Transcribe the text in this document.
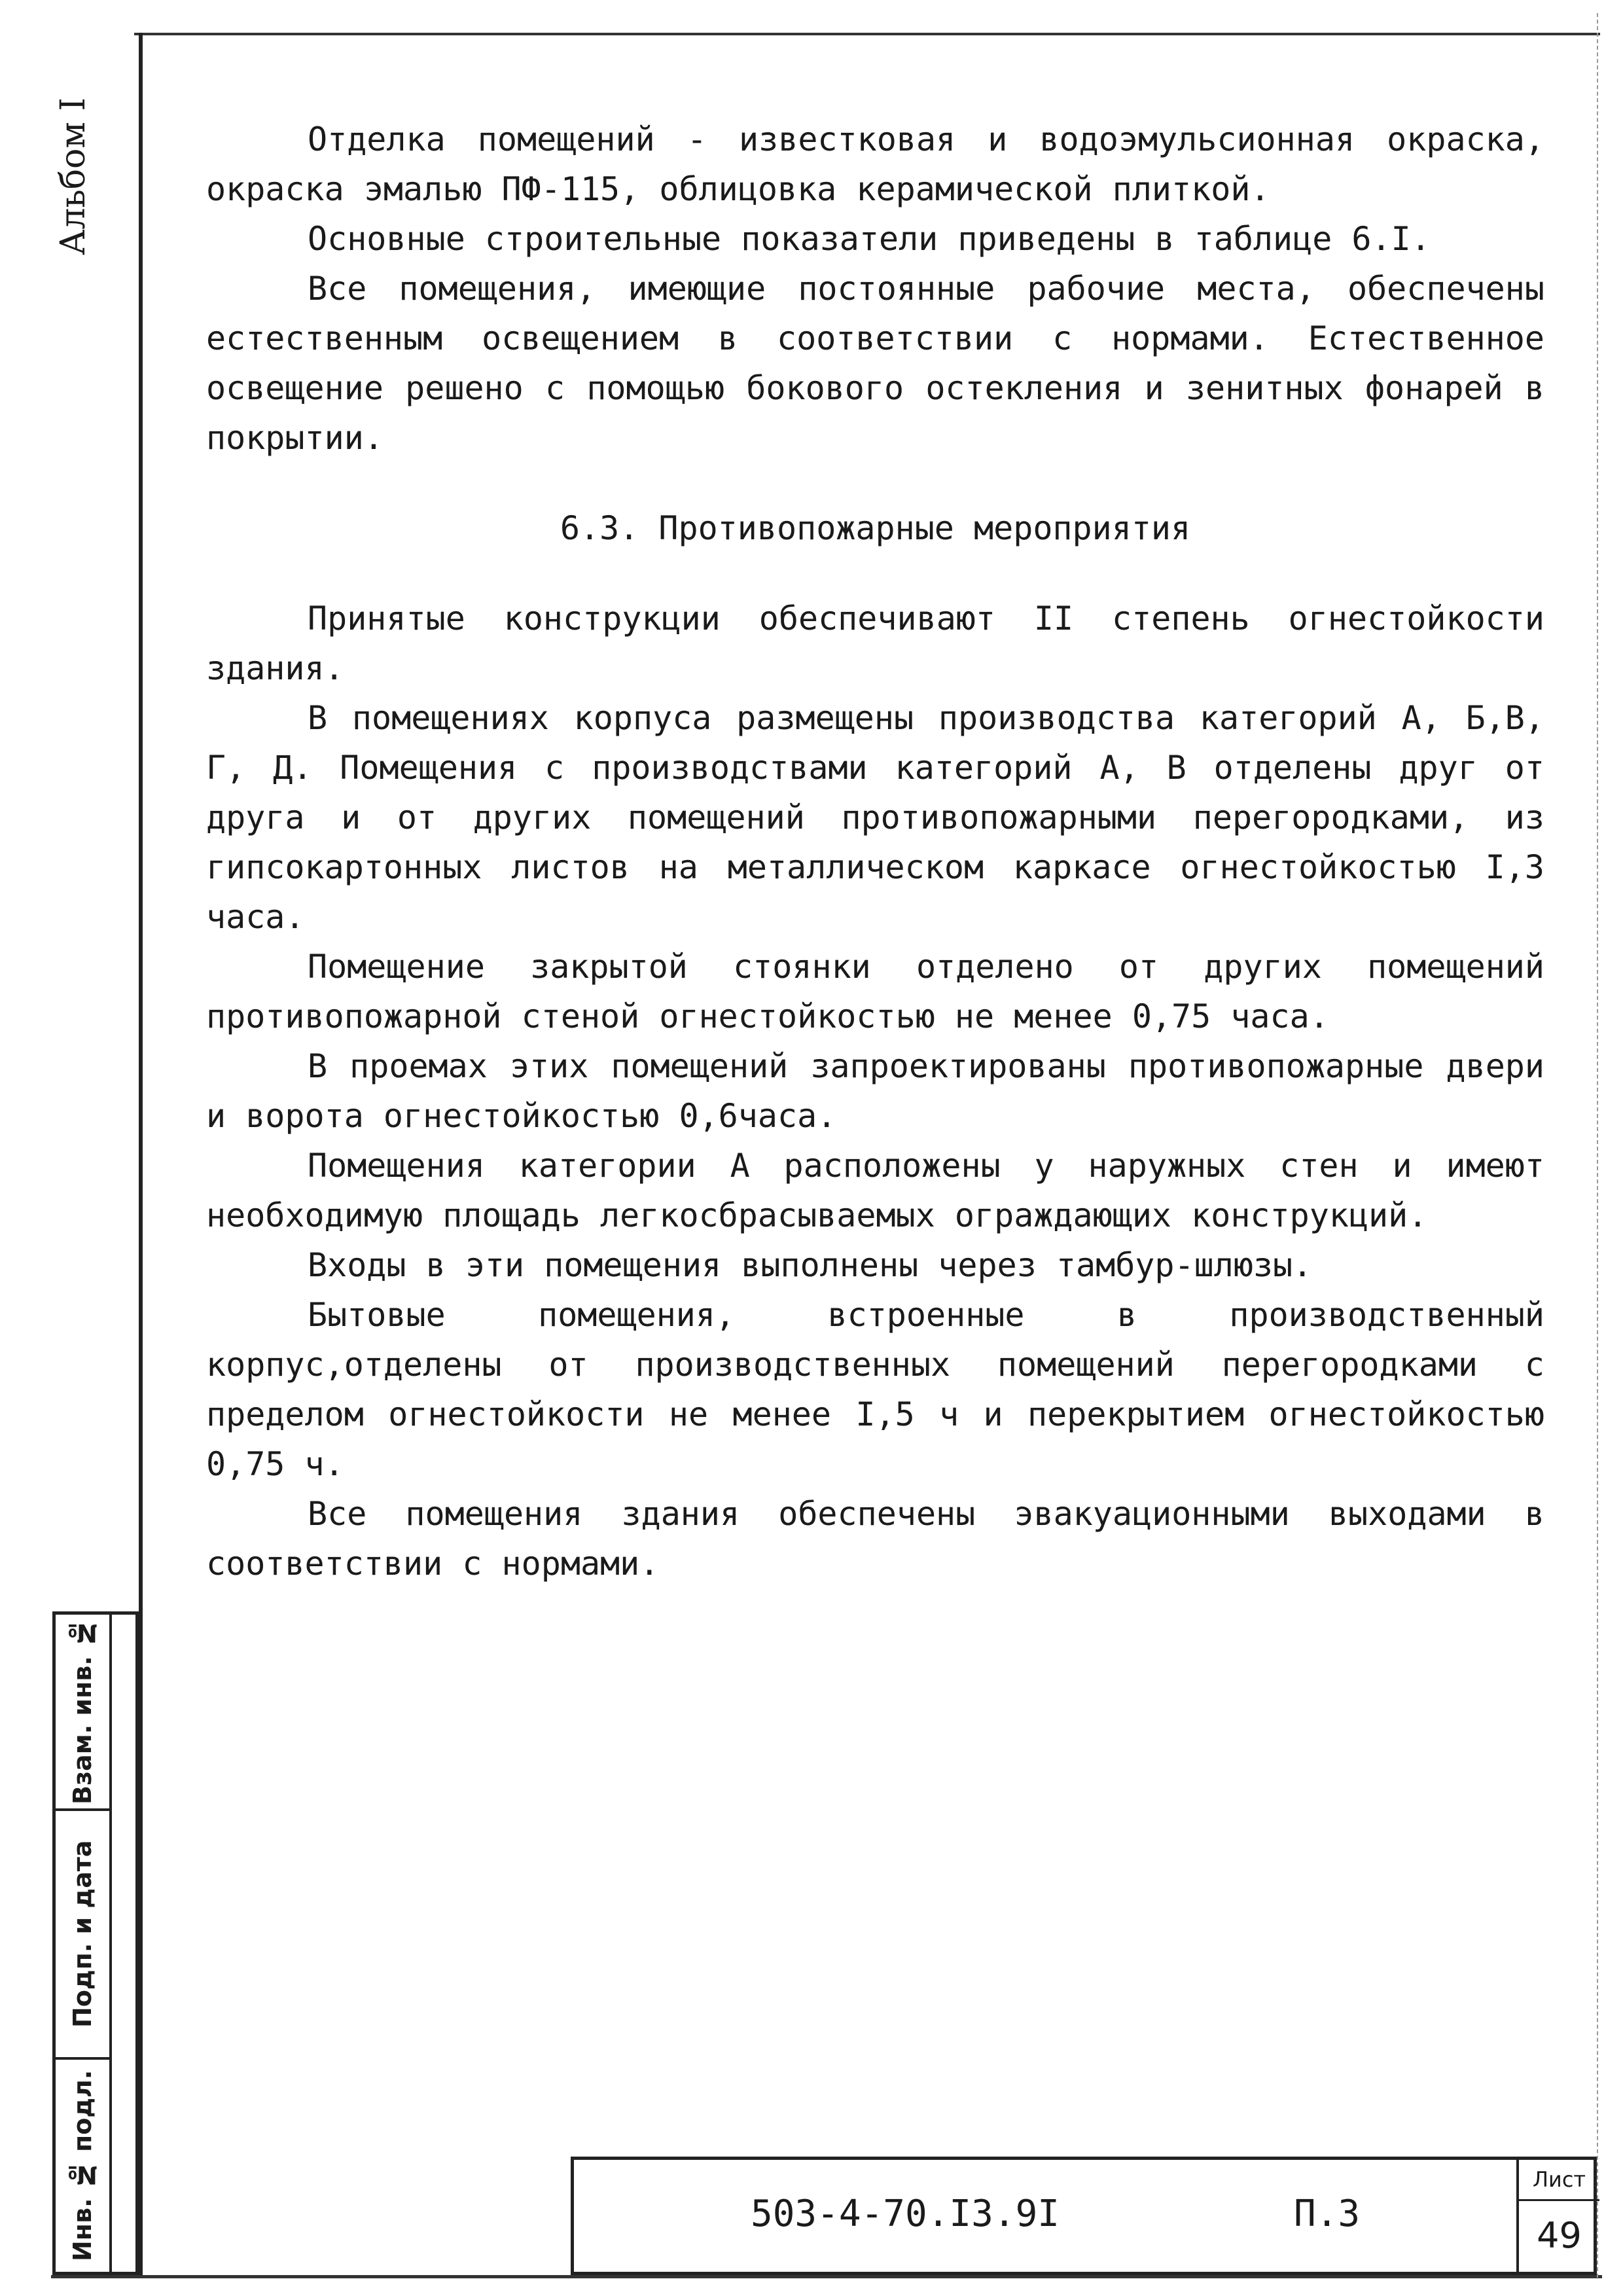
Альбом I	Отделка помещений - известковая и водоэмульсионная окраска, окраска эмалью ПФ-115, облицовка керамической плиткой.

Основные строительные показатели приведены в таблице 6.I.

Все помещения, имеющие постоянные рабочие места, обеспечены естественным освещением в соответствии с нормами. Естественное освещение решено с помощью бокового остекления и зенитных фонарей в покрытии.

6.3. Противопожарные мероприятия

Принятые конструкции обеспечивают II степень огнестойкости здания.

В помещениях корпуса размещены производства категорий А, Б,В, Г, Д. Помещения с производствами категорий А, В отделены друг от друга и от других помещений противопожарными перегородками, из гипсокартонных листов на металлическом каркасе огнестойкостью I,3 часа.

Помещение закрытой стоянки отделено от других помещений противопожарной стеной огнестойкостью не менее 0,75 часа.

В проемах этих помещений запроектированы противопожарные двери и ворота огнестойкостью 0,6часа.

Помещения категории А расположены у наружных стен и имеют необходимую площадь легкосбрасываемых ограждающих конструкций.

Входы в эти помещения выполнены через тамбур-шлюзы.

Бытовые помещения, встроенные в производственный корпус,отделены от производственных помещений перегородками с пределом огнестойкости не менее I,5 ч и перекрытием огнестойкостью 0,75 ч.

Все помещения здания обеспечены эвакуационными выходами в соответствии с нормами.

Взам. инв. №
Подп. и дата
Инв. № подл.	503-4-70.I3.9I	П.3
Лист
49
